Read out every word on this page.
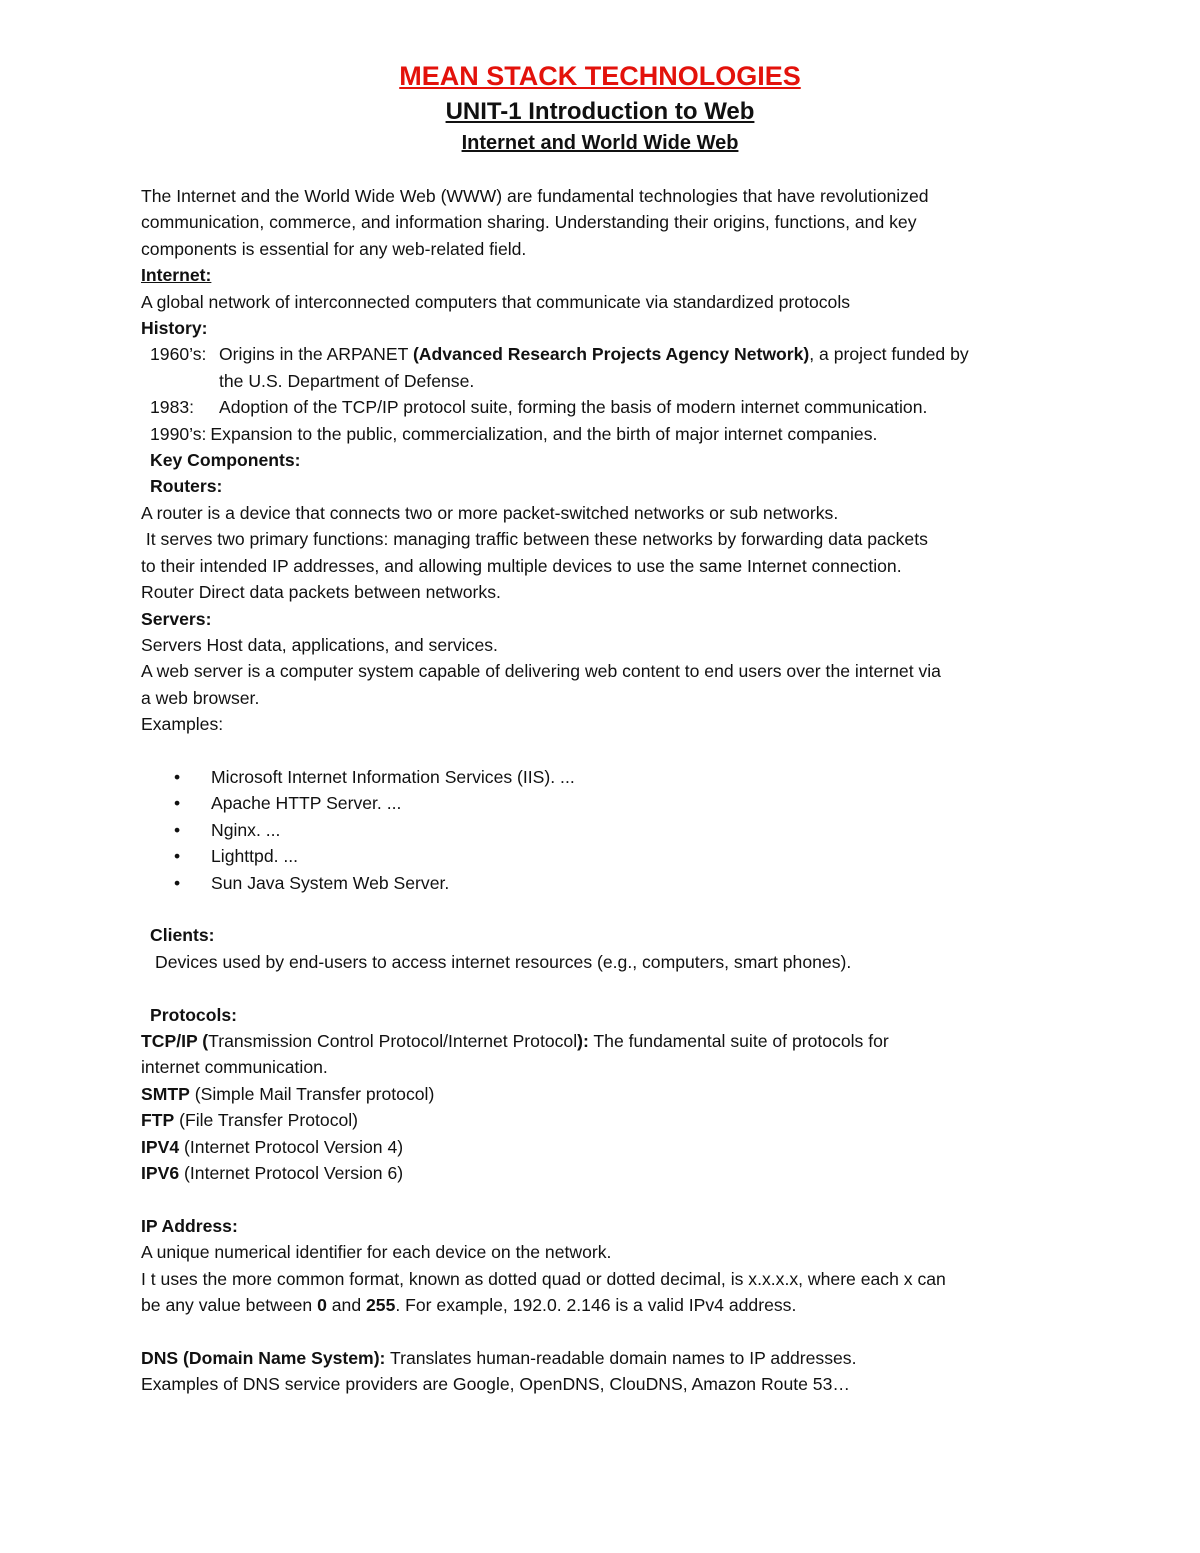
MEAN STACK TECHNOLOGIES
UNIT-1 Introduction to Web
Internet and World Wide Web

The Internet and the World Wide Web (WWW) are fundamental technologies that have revolutionized

communication, commerce, and information sharing. Understanding their origins, functions, and key

components is essential for any web-related field.

Internet:

A global network of interconnected computers that communicate via standardized protocols

History:

1960’s: Origins in the ARPANET (Advanced Research Projects Agency Network), a project funded by
the U.S. Department of Defense.
1983:	Adoption of the TCP/IP protocol suite, forming the basis of modern internet communication.
1990’s: Expansion to the public, commercialization, and the birth of major internet companies.

Key Components:

Routers:

A router is a device that connects two or more packet-switched networks or sub networks.

It serves two primary functions: managing traffic between these networks by forwarding data packets

to their intended IP addresses, and allowing multiple devices to use the same Internet connection.

Router Direct data packets between networks.

Servers:

Servers Host data, applications, and services.

A web server is a computer system capable of delivering web content to end users over the internet via

a web browser.

Examples:

• Microsoft Internet Information Services (IIS). ...
• Apache HTTP Server. ...
• Nginx. ...
• Lighttpd. ...
• Sun Java System Web Server.

Clients:

Devices used by end-users to access internet resources (e.g., computers, smart phones).

Protocols:

TCP/IP (Transmission Control Protocol/Internet Protocol): The fundamental suite of protocols for

internet communication.

SMTP (Simple Mail Transfer protocol)

FTP (File Transfer Protocol)

IPV4 (Internet Protocol Version 4)

IPV6 (Internet Protocol Version 6)

IP Address:

A unique numerical identifier for each device on the network.

I t uses the more common format, known as dotted quad or dotted decimal, is x.x.x.x, where each x can

be any value between 0 and 255. For example, 192.0. 2.146 is a valid IPv4 address.

DNS (Domain Name System): Translates human-readable domain names to IP addresses.

Examples of DNS service providers are Google, OpenDNS, ClouDNS, Amazon Route 53…
